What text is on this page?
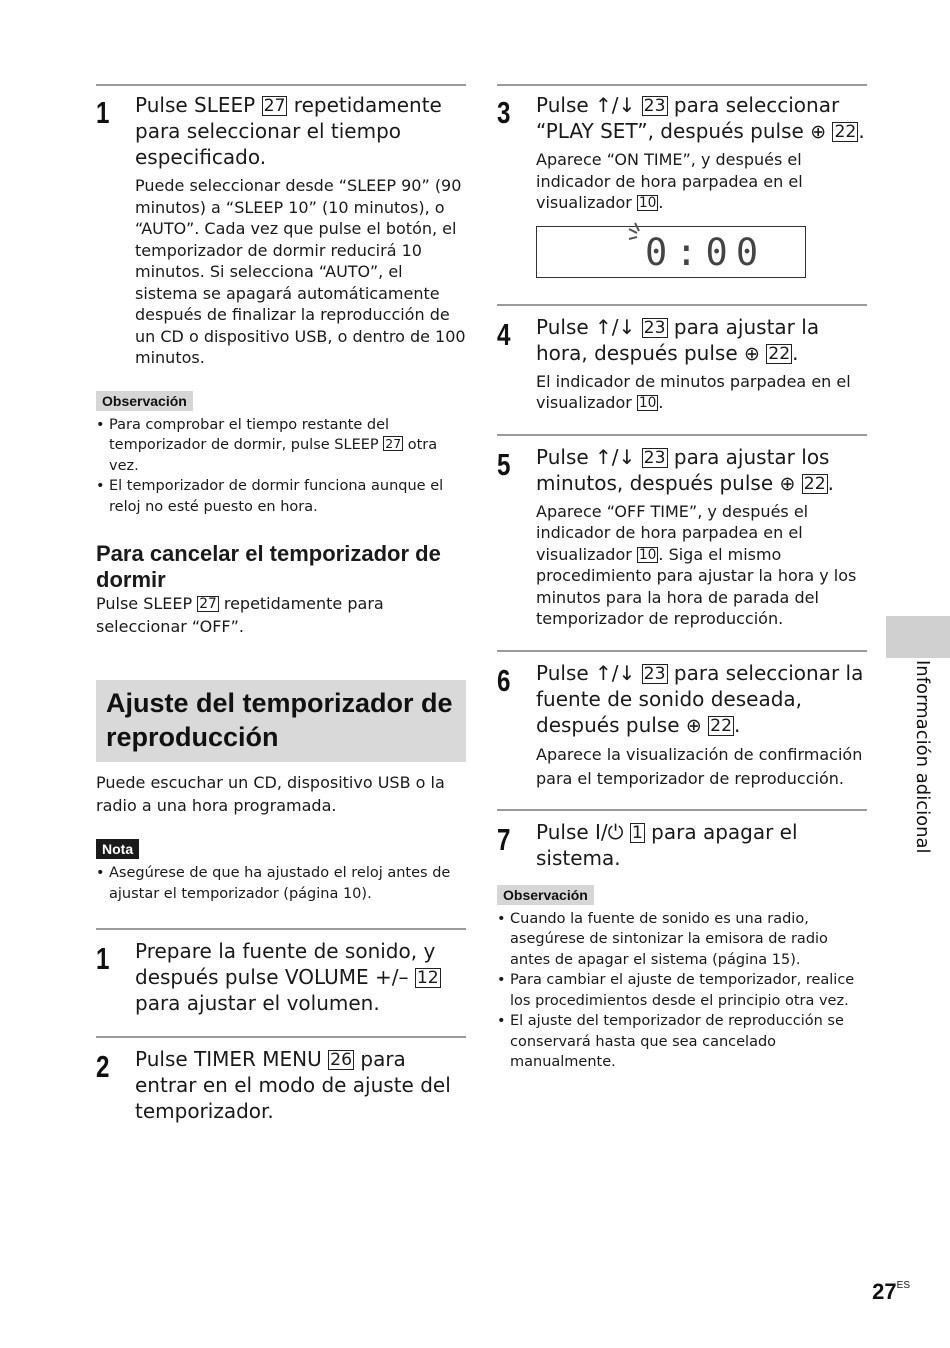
1 Pulse SLEEP 27 repetidamente para seleccionar el tiempo especificado.

Puede seleccionar desde “SLEEP 90” (90 minutos) a “SLEEP 10” (10 minutos), o “AUTO”. Cada vez que pulse el botón, el temporizador de dormir reducirá 10 minutos. Si selecciona “AUTO”, el sistema se apagará automáticamente después de finalizar la reproducción de un CD o dispositivo USB, o dentro de 100 minutos.

Observación
• Para comprobar el tiempo restante del temporizador de dormir, pulse SLEEP 27 otra vez.
• El temporizador de dormir funciona aunque el reloj no esté puesto en hora.
Para cancelar el temporizador de dormir

Pulse SLEEP 27 repetidamente para seleccionar “OFF”.

Ajuste del temporizador de reproducción

Puede escuchar un CD, dispositivo USB o la radio a una hora programada.

Nota
• Asegúrese de que ha ajustado el reloj antes de ajustar el temporizador (página 10).
1 Prepare la fuente de sonido, y después pulse VOLUME +/– 12 para ajustar el volumen.

2 Pulse TIMER MENU 26 para entrar en el modo de ajuste del temporizador.

3 Pulse ↑/↓ 23 para seleccionar “PLAY SET”, después pulse ⊕ 22 .

Aparece “ON TIME”, y después el indicador de hora parpadea en el visualizador 10 .

0:00
4 Pulse ↑/↓ 23 para ajustar la hora, después pulse ⊕ 22 .

El indicador de minutos parpadea en el visualizador 10 .

5 Pulse ↑/↓ 23 para ajustar los minutos, después pulse ⊕ 22 .

Aparece “OFF TIME”, y después el indicador de hora parpadea en el visualizador 10 . Siga el mismo procedimiento para ajustar la hora y los minutos para la hora de parada del temporizador de reproducción.

6 Pulse ↑/↓ 23 para seleccionar la fuente de sonido deseada, después pulse ⊕ 22 .

Aparece la visualización de confirmación para el temporizador de reproducción.

7 Pulse I/⏻ 1 para apagar el sistema.

Observación
• Cuando la fuente de sonido es una radio, asegúrese de sintonizar la emisora de radio antes de apagar el sistema (página 15).
• Para cambiar el ajuste de temporizador, realice los procedimientos desde el principio otra vez.
• El ajuste del temporizador de reproducción se conservará hasta que sea cancelado manualmente.
Información adicional
$27^{ES}$
